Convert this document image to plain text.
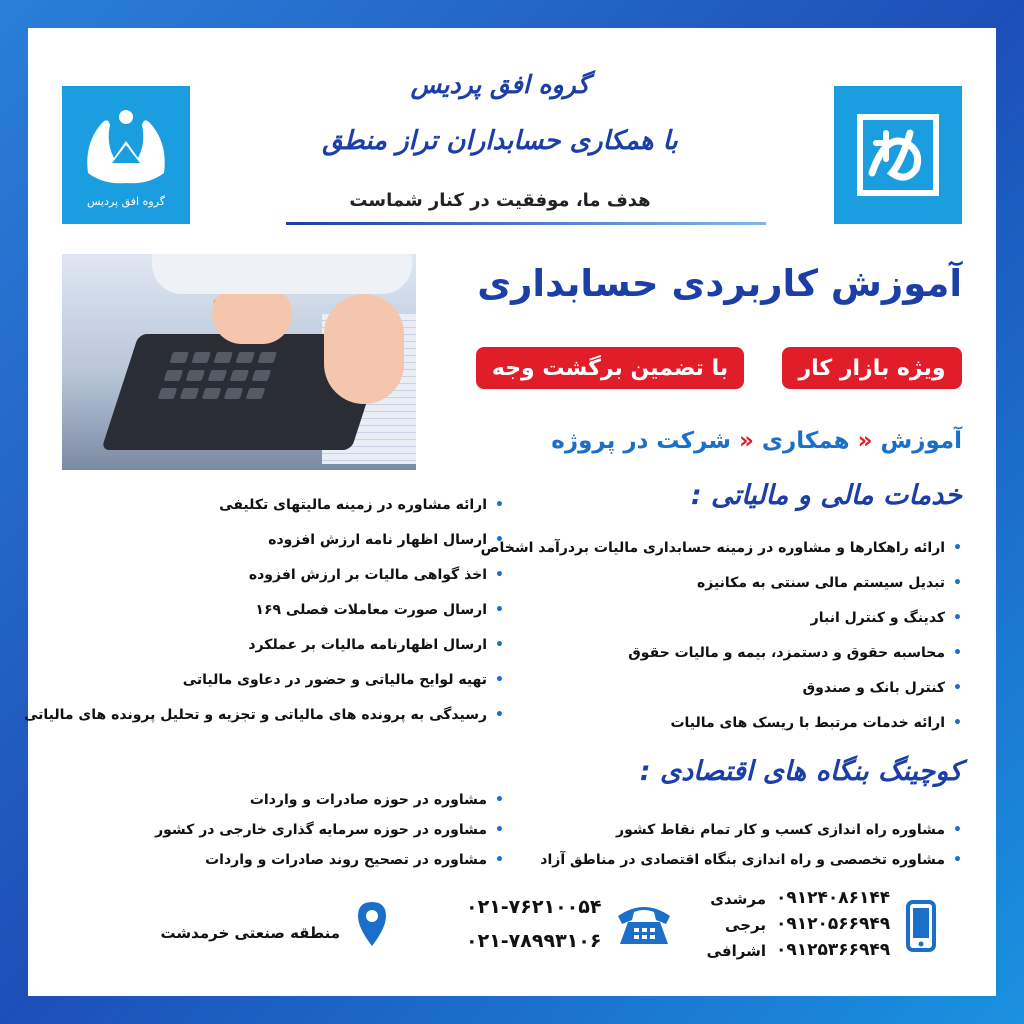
گروه افق پردیس
گروه افق پردیس
با همکاری حسابداران تراز منطق
هدف ما، موفقیت در کنار شماست
آموزش کاربردی حسابداری
ویژه بازار کار
با تضمین برگشت وجه
آموزش«همکاری«شرکت در پروژه
خدمات مالی و مالیاتی :
• ارائه راهکارها و مشاوره در زمینه حسابداری مالیات بردرآمد اشخاص
• تبدیل سیستم مالی سنتی به مکانیزه
• کدینگ و کنترل انبار
• محاسبه حقوق و دستمزد، بیمه و مالیات حقوق
• کنترل بانک و صندوق
• ارائه خدمات مرتبط با ریسک های مالیات
• ارائه مشاوره در زمینه مالیتهای تکلیفی
• ارسال اظهار نامه ارزش افزوده
• اخذ گواهی مالیات بر ارزش افزوده
• ارسال صورت معاملات فصلی ۱۶۹
• ارسال اظهارنامه مالیات بر عملکرد
• تهیه لوایح مالیاتی و حضور در دعاوی مالیاتی
• رسیدگی به پرونده های مالیاتی و تجزیه و تحلیل پرونده های مالیاتی
کوچینگ بنگاه های اقتصادی :
• مشاوره راه اندازی کسب و کار تمام نقاط کشور
• مشاوره تخصصی و راه اندازی بنگاه اقتصادی در مناطق آزاد
• مشاوره در حوزه صادرات و واردات
• مشاوره در حوزه سرمایه گذاری خارجی در کشور
• مشاوره در تصحیح روند صادرات و واردات
مرشدی
برجی
اشرافی
۰۹۱۲۴۰۸۶۱۴۴
۰۹۱۲۰۵۶۶۹۴۹
۰۹۱۲۵۳۶۶۹۴۹
۰۲۱-۷۶۲۱۰۰۵۴
۰۲۱-۷۸۹۹۳۱۰۶
منطقه صنعتی خرمدشت
